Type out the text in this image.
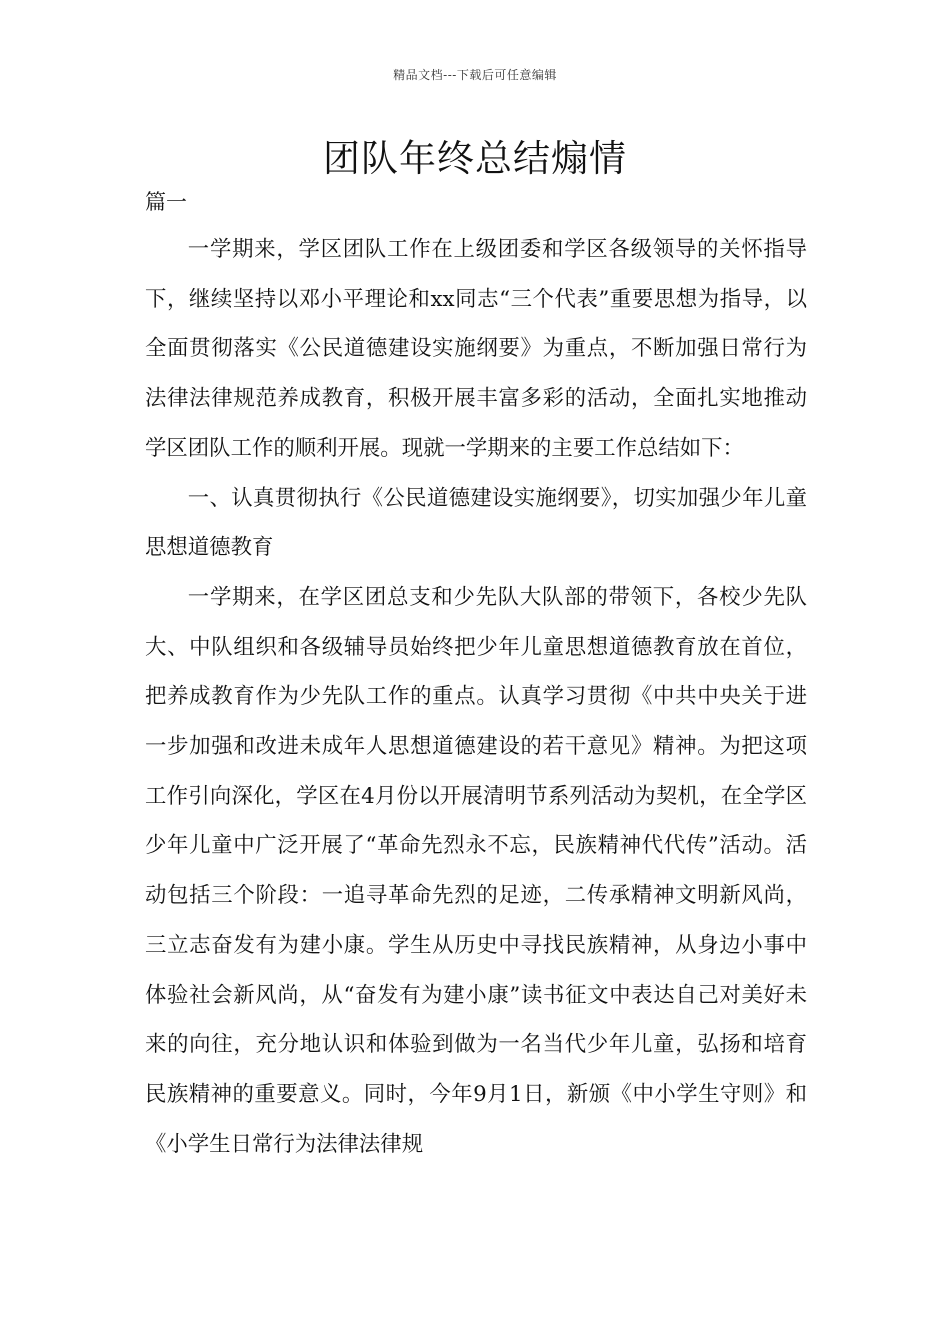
精品文档---下载后可任意编辑
团队年终总结煽情
篇一

一学期来，学区团队工作在上级团委和学区各级领导的关怀指导下，继续坚持以邓小平理论和xx同志“三个代表”重要思想为指导，以全面贯彻落实《公民道德建设实施纲要》为重点，不断加强日常行为法律法律规范养成教育，积极开展丰富多彩的活动，全面扎实地推动学区团队工作的顺利开展。现就一学期来的主要工作总结如下：

一、认真贯彻执行《公民道德建设实施纲要》，切实加强少年儿童思想道德教育

一学期来，在学区团总支和少先队大队部的带领下，各校少先队大、中队组织和各级辅导员始终把少年儿童思想道德教育放在首位，把养成教育作为少先队工作的重点。认真学习贯彻《中共中央关于进一步加强和改进未成年人思想道德建设的若干意见》精神。为把这项工作引向深化，学区在4月份以开展清明节系列活动为契机，在全学区少年儿童中广泛开展了“革命先烈永不忘，民族精神代代传”活动。活动包括三个阶段：一追寻革命先烈的足迹，二传承精神文明新风尚，三立志奋发有为建小康。学生从历史中寻找民族精神，从身边小事中体验社会新风尚，从“奋发有为建小康”读书征文中表达自己对美好未来的向往，充分地认识和体验到做为一名当代少年儿童，弘扬和培育民族精神的重要意义。同时，今年9月1日，新颁《中小学生守则》和《小学生日常行为法律法律规
